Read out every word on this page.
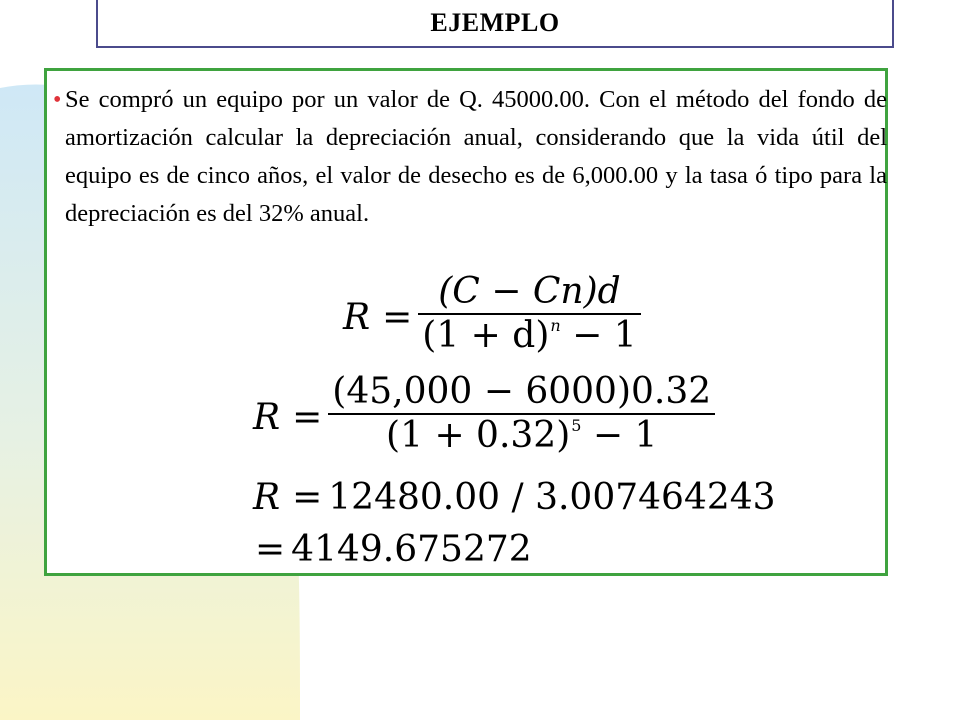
EJEMPLO
• Se compró un equipo por un valor de Q. 45000.00. Con el método del fondo de amortización calcular la depreciación anual, considerando que la vida útil del equipo es de cinco años, el valor de desecho es de 6,000.00 y la tasa ó tipo para la depreciación es del 32% anual.
$R = \frac{(C - Cn)d}{(1 + d)^n - 1}$
$R = \frac{(45,000 - 6000)0.32}{(1 + 0.32)^5 - 1}$
R = 12480.00 / 3.007464243
= 4149.675272
